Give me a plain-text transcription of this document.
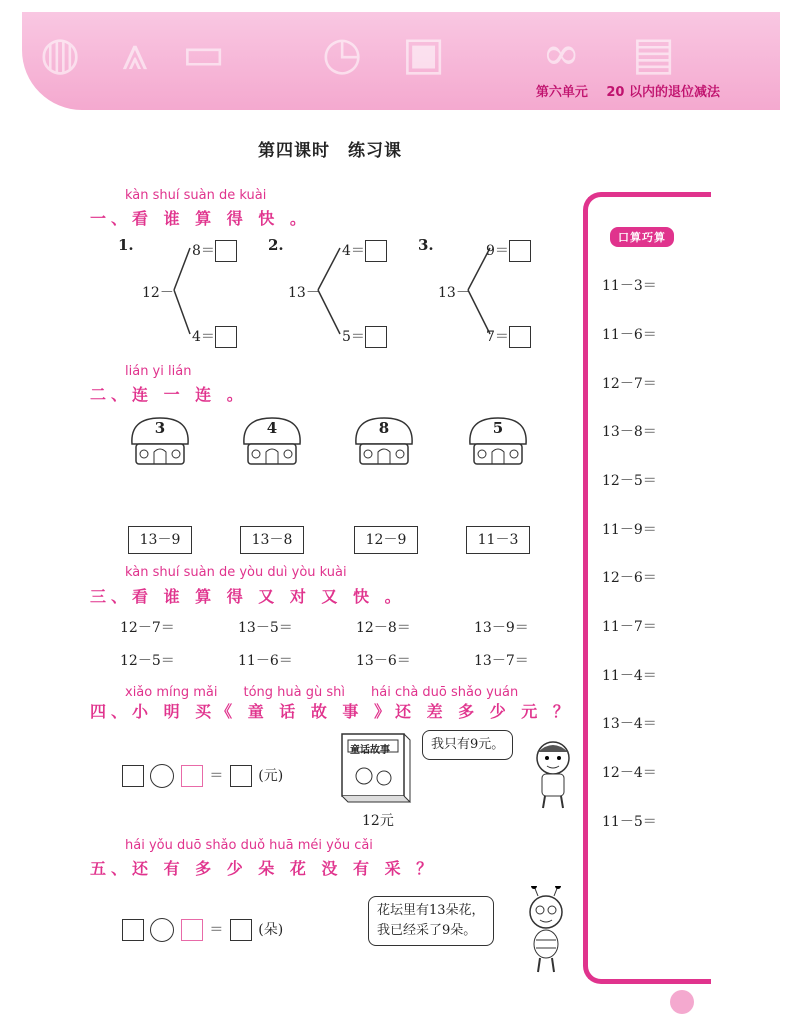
◍ ⩓ ▭ ◷ ▣ ∞ ▤
第六单元 20 以内的退位减法
第四课时　练习课
kàn shuí suàn de kuài
一、看 谁 算 得 快 。
1.
12－
8＝
4＝
2.
13－
4＝
5＝
3.
13－
9＝
7＝
lián yi lián
二、连 一 连 。
3	4	8	5
13－9	13－8	12－9	11－3
kàn shuí suàn de yòu duì yòu kuài
三、看 谁 算 得 又 对 又 快 。
12－7＝	13－5＝	12－8＝	13－9＝
12－5＝	11－6＝	13－6＝	13－7＝
xiǎo míng mǎi　　tóng huà gù shì　　hái chà duō shǎo yuán
四、小 明 买《 童 话 故 事 》还 差 多 少 元 ？
＝ (元)
童话故事
12元
我只有9元。
hái yǒu duō shǎo duǒ huā méi yǒu cǎi
五、还 有 多 少 朵 花 没 有 采 ？
＝ (朵)
花坛里有13朵花，
我已经采了9朵。
口算巧算
11－3＝
11－6＝
12－7＝
13－8＝
12－5＝
11－9＝
12－6＝
11－7＝
11－4＝
13－4＝
12－4＝
11－5＝
